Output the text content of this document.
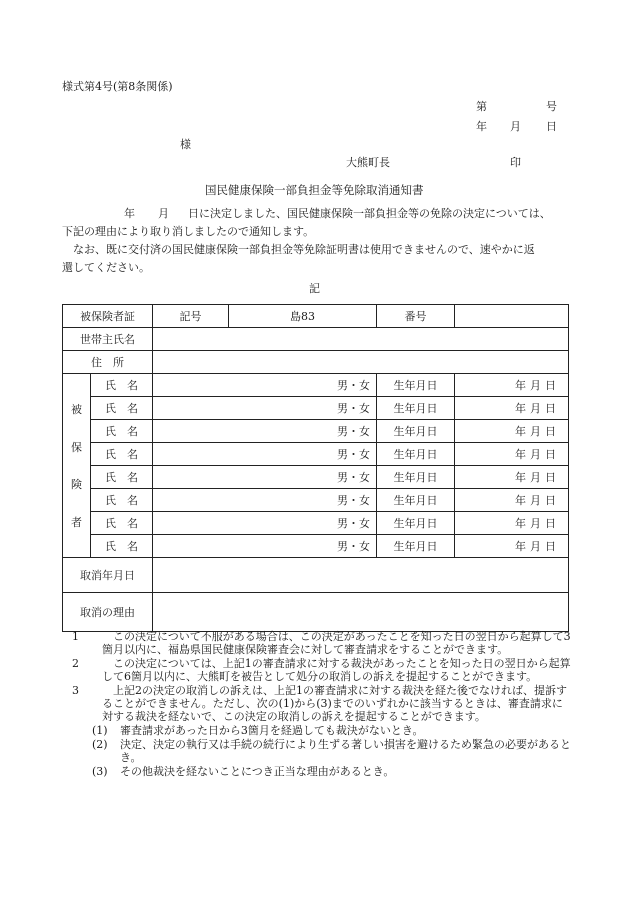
様式第4号(第8条関係)
第	号
年 月 日
様
大熊町長	印
国民健康保険一部負担金等免除取消通知書
年 月 日に決定しました、国民健康保険一部負担金等の免除の決定については、
下記の理由により取り消しましたので通知します。
なお、既に交付済の国民健康保険一部負担金等免除証明書は使用できませんので、速やかに返
還してください。
記
被保険者証		記号	島83	番号	
世帯主氏名					
住　所					

被
保
険
者	氏　名	男・女		生年月日	年 月 日

	氏　名	男・女		生年月日	年 月 日

	氏　名	男・女		生年月日	年 月 日

	氏　名	男・女		生年月日	年 月 日

	氏　名	男・女		生年月日	年 月 日

	氏　名	男・女		生年月日	年 月 日

	氏　名	男・女		生年月日	年 月 日

	氏　名	男・女		生年月日	年 月 日

取消年月日					
取消の理由					
1	この決定について不服がある場合は、この決定があったことを知った日の翌日から起算して3箇月以内に、福島県国民健康保険審査会に対して審査請求をすることができます。
2	この決定については、上記1の審査請求に対する裁決があったことを知った日の翌日から起算して6箇月以内に、大熊町を被告として処分の取消しの訴えを提起することができます。
3	上記2の決定の取消しの訴えは、上記1の審査請求に対する裁決を経た後でなければ、提訴することができません。ただし、次の(1)から(3)までのいずれかに該当するときは、審査請求に対する裁決を経ないで、この決定の取消しの訴えを提起することができます。
(1) 審査請求があった日から3箇月を経過しても裁決がないとき。
(2) 決定、決定の執行又は手続の続行により生ずる著しい損害を避けるため緊急の必要があるとき。
(3) その他裁決を経ないことにつき正当な理由があるとき。
